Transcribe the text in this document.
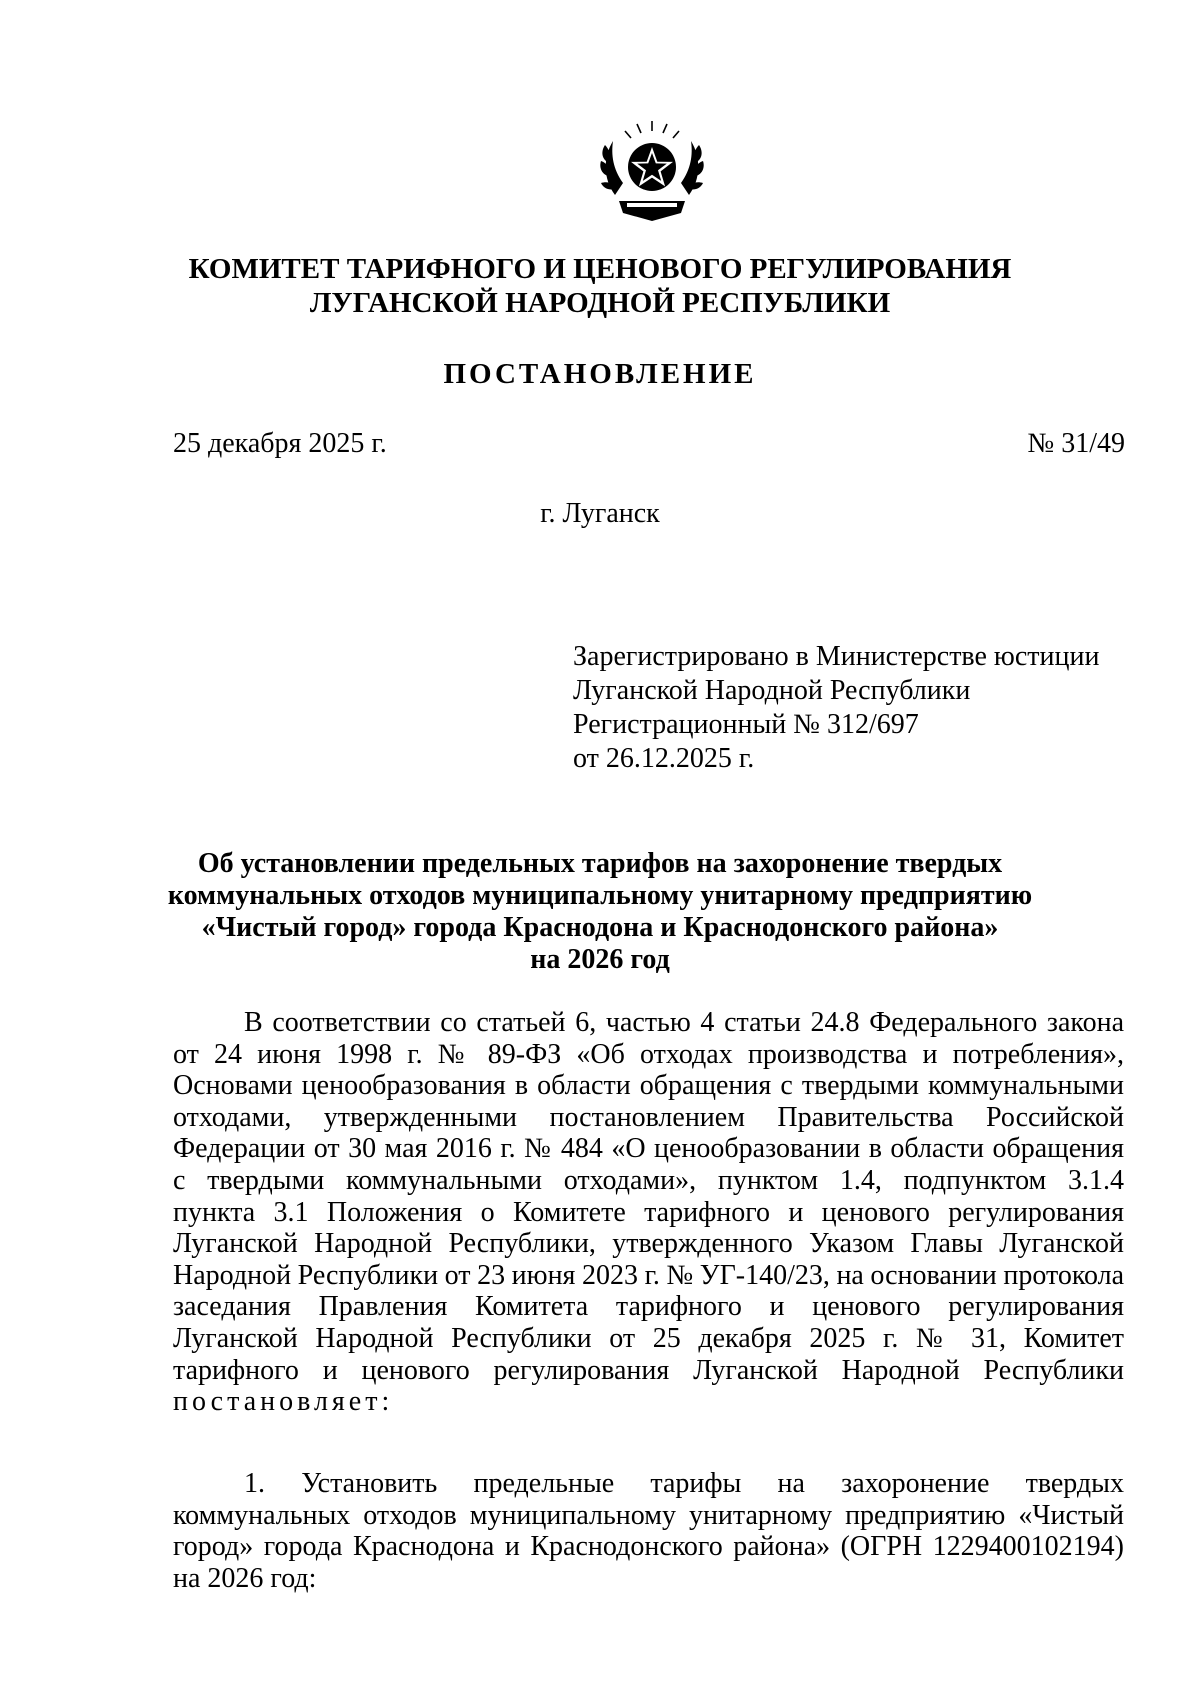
КОМИТЕТ ТАРИФНОГО И ЦЕНОВОГО РЕГУЛИРОВАНИЯ
ЛУГАНСКОЙ НАРОДНОЙ РЕСПУБЛИКИ
ПОСТАНОВЛЕНИЕ
25 декабря 2025 г.	№ 31/49
г. Луганск
Зарегистрировано в Министерстве юстиции
Луганской Народной Республики
Регистрационный № 312/697
от 26.12.2025 г.
Об установлении предельных тарифов на захоронение твердых
коммунальных отходов муниципальному унитарному предприятию
«Чистый город» города Краснодона и Краснодонского района»
на 2026 год
В соответствии со статьей 6, частью 4 статьи 24.8 Федерального закона
от 24 июня 1998 г. № 89-ФЗ «Об отходах производства и потребления»,
Основами ценообразования в области обращения с твердыми коммунальными
отходами, утвержденными постановлением Правительства Российской
Федерации от 30 мая 2016 г. № 484 «О ценообразовании в области обращения
с твердыми коммунальными отходами», пунктом 1.4, подпунктом 3.1.4
пункта 3.1 Положения о Комитете тарифного и ценового регулирования
Луганской Народной Республики, утвержденного Указом Главы Луганской
Народной Республики от 23 июня 2023 г. № УГ-140/23, на основании протокола
заседания Правления Комитета тарифного и ценового регулирования
Луганской Народной Республики от 25 декабря 2025 г. № 31, Комитет
тарифного и ценового регулирования Луганской Народной Республики
постановляет:
1. Установить предельные тарифы на захоронение твердых
коммунальных отходов муниципальному унитарному предприятию «Чистый
город» города Краснодона и Краснодонского района» (ОГРН 1229400102194)
на 2026 год:
